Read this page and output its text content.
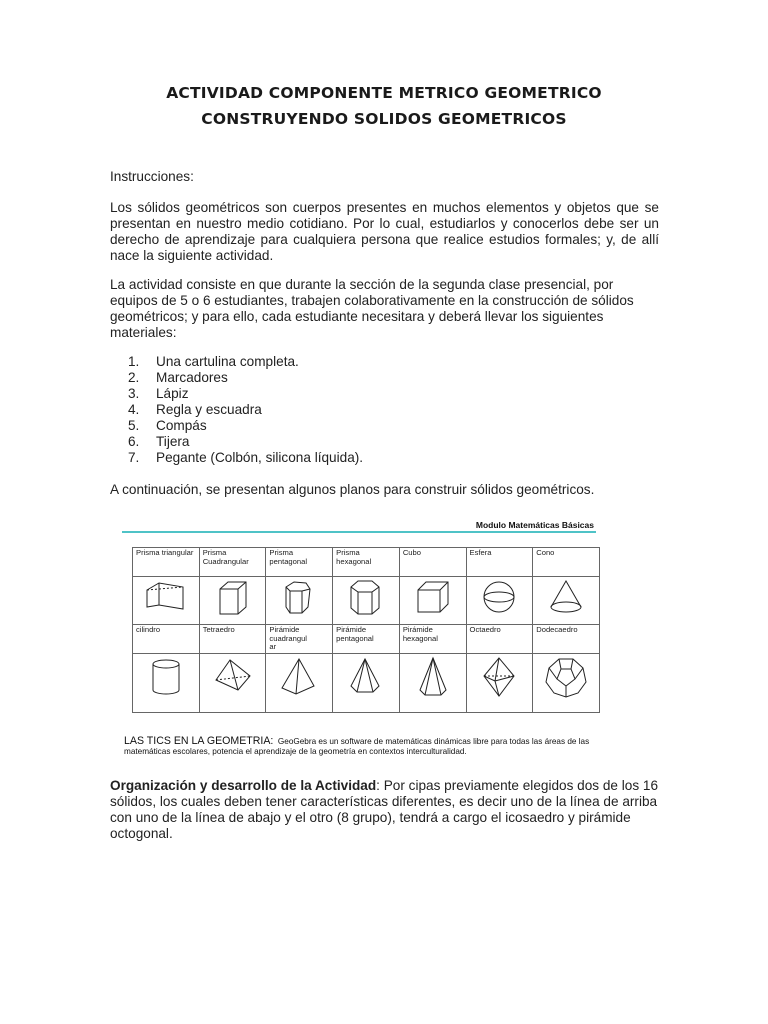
ACTIVIDAD COMPONENTE METRICO GEOMETRICO
CONSTRUYENDO SOLIDOS GEOMETRICOS
Instrucciones:
Los sólidos geométricos son cuerpos presentes en muchos elementos y objetos que se presentan en nuestro medio cotidiano. Por lo cual, estudiarlos y conocerlos debe ser un derecho de aprendizaje para cualquiera persona que realice estudios formales; y, de allí nace la siguiente actividad.
La actividad consiste en que durante la sección de la segunda clase presencial, por equipos de 5 o 6 estudiantes, trabajen colaborativamente en la construcción de sólidos geométricos; y para ello, cada estudiante necesitara y deberá llevar los siguientes materiales:
1.	Una cartulina completa.
2.	Marcadores
3.	Lápiz
4.	Regla y escuadra
5.	Compás
6.	Tijera
7.	Pegante (Colbón, silicona líquida).
A continuación, se presentan algunos planos para construir sólidos geométricos.
Modulo Matemáticas Básicas
Prisma triangular	Prisma Cuadrangular	Prisma pentagonal	Prisma hexagonal	Cubo	Esfera	Cono

cilindro	Tetraedro	Pirámide cuadrangul ar	Pirámide pentagonal	Pirámide hexagonal	Octaedro	Dodecaedro

LAS TICS EN LA GEOMETRIA: GeoGebra es un software de matemáticas dinámicas libre para todas las áreas de las matemáticas escolares, potencia el aprendizaje de la geometría en contextos interculturalidad.
Organización y desarrollo de la Actividad: Por cipas previamente elegidos dos de los 16 sólidos, los cuales deben tener características diferentes, es decir uno de la línea de arriba con uno de la línea de abajo y el otro (8 grupo), tendrá a cargo el icosaedro y pirámide octogonal.
